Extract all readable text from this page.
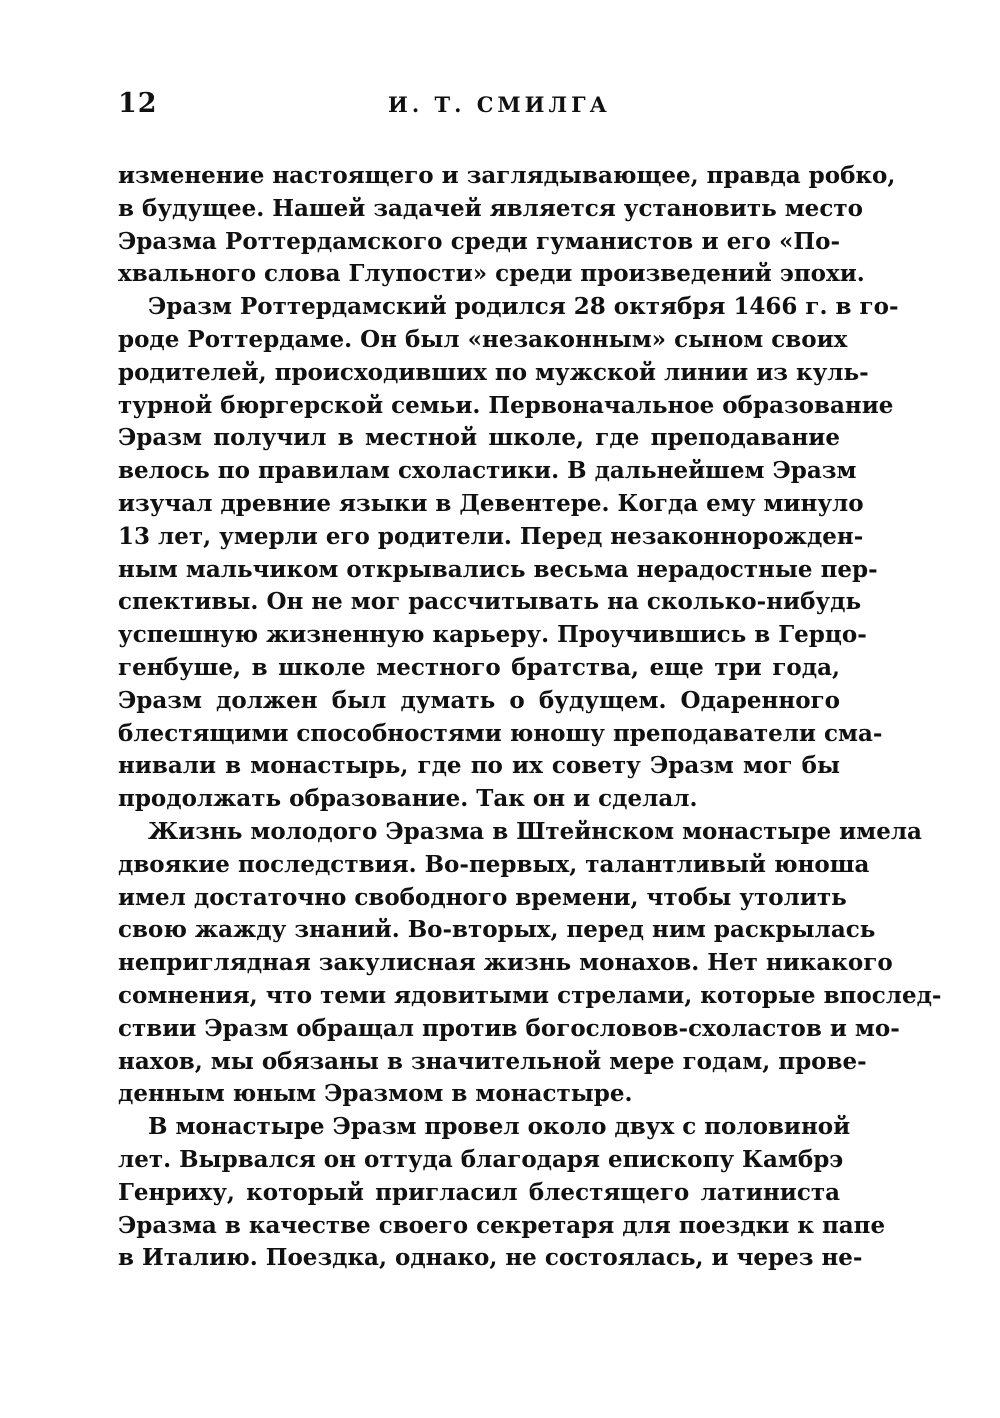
12	И. Т. СМИЛГА
изменение настоящего и заглядывающее, правда робко,
в будущее. Нашей задачей является установить место
Эразма Роттердамского среди гуманистов и его «По-
хвального слова Глупости» среди произведений эпохи.
Эразм Роттердамский родился 28 октября 1466 г. в го-
роде Роттердаме. Он был «незаконным» сыном своих
родителей, происходивших по мужской линии из куль-
турной бюргерской семьи. Первоначальное образование
Эразм получил в местной школе, где преподавание
велось по правилам схоластики. В дальнейшем Эразм
изучал древние языки в Девентере. Когда ему минуло
13 лет, умерли его родители. Перед незаконнорожден-
ным мальчиком открывались весьма нерадостные пер-
спективы. Он не мог рассчитывать на сколько-нибудь
успешную жизненную карьеру. Проучившись в Герцо-
генбуше, в школе местного братства, еще три года,
Эразм должен был думать о будущем. Одаренного
блестящими способностями юношу преподаватели сма-
нивали в монастырь, где по их совету Эразм мог бы
продолжать образование. Так он и сделал.
Жизнь молодого Эразма в Штейнском монастыре имела
двоякие последствия. Во-первых, талантливый юноша
имел достаточно свободного времени, чтобы утолить
свою жажду знаний. Во-вторых, перед ним раскрылась
неприглядная закулисная жизнь монахов. Нет никакого
сомнения, что теми ядовитыми стрелами, которые впослед-
ствии Эразм обращал против богословов-схоластов и мо-
нахов, мы обязаны в значительной мере годам, прове-
денным юным Эразмом в монастыре.
В монастыре Эразм провел около двух с половиной
лет. Вырвался он оттуда благодаря епископу Камбрэ
Генриху, который пригласил блестящего латиниста
Эразма в качестве своего секретаря для поездки к папе
в Италию. Поездка, однако, не состоялась, и через не-
